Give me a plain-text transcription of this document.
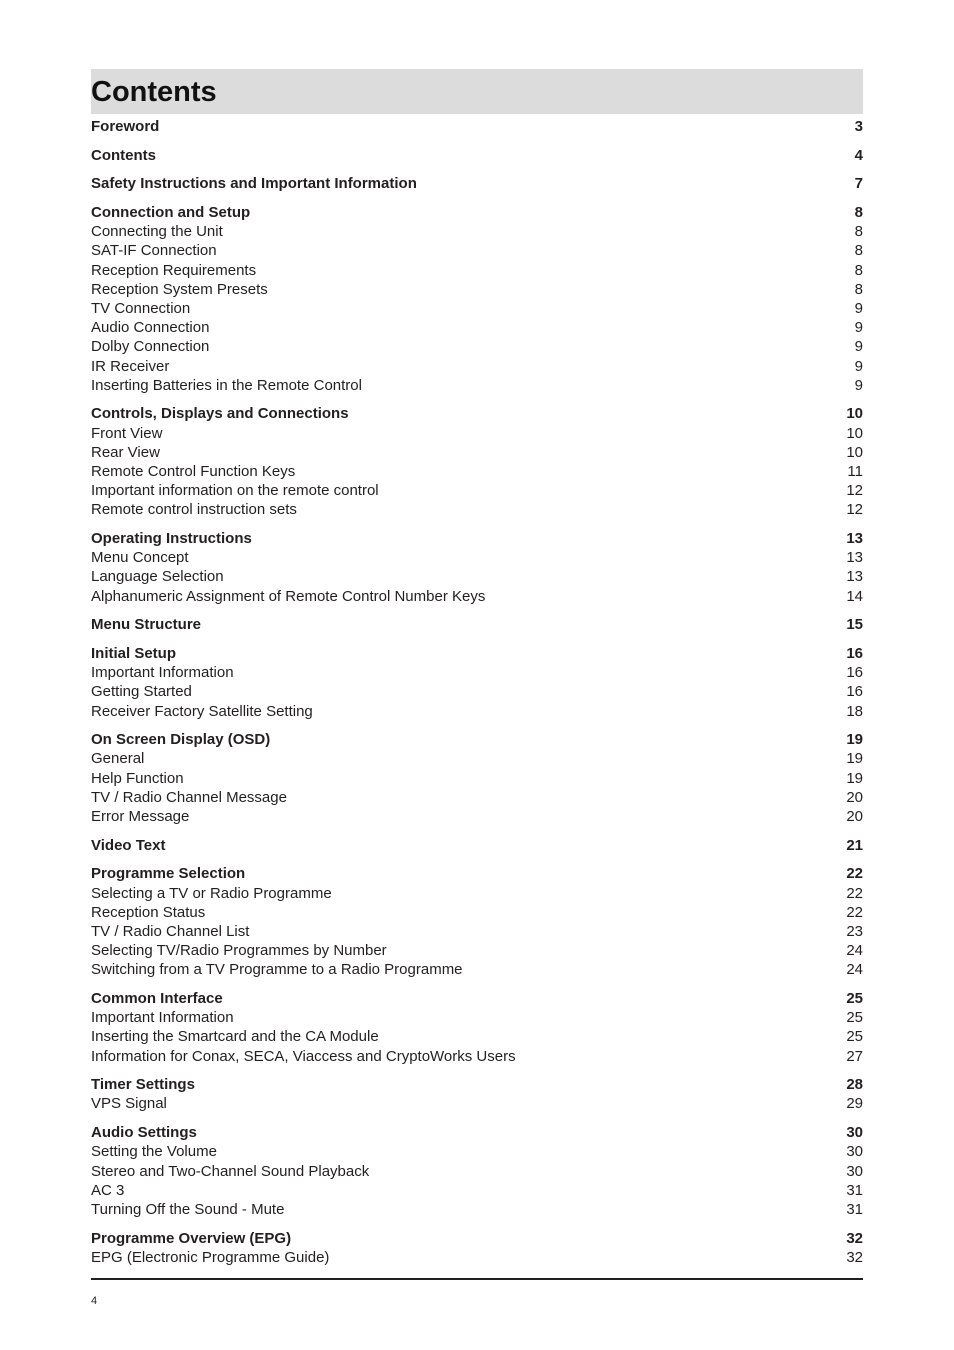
Contents
Foreword	3
Contents	4
Safety Instructions and Important Information	7
Connection and Setup	8
Connecting the Unit	8
SAT-IF Connection	8
Reception Requirements	8
Reception System Presets	8
TV Connection	9
Audio Connection	9
Dolby Connection	9
IR Receiver	9
Inserting Batteries in the Remote Control	9
Controls, Displays and Connections	10
Front View	10
Rear View	10
Remote Control Function Keys	11
Important information on the remote control	12
Remote control instruction sets	12
Operating Instructions	13
Menu Concept	13
Language Selection	13
Alphanumeric Assignment of Remote Control Number Keys	14
Menu Structure	15
Initial Setup	16
Important Information	16
Getting Started	16
Receiver Factory Satellite Setting	18
On Screen Display (OSD)	19
General	19
Help Function	19
TV / Radio Channel Message	20
Error Message	20
Video Text	21
Programme Selection	22
Selecting a TV or Radio Programme	22
Reception Status	22
TV / Radio Channel List	23
Selecting TV/Radio Programmes by Number	24
Switching from a TV Programme to a Radio Programme	24
Common Interface	25
Important Information	25
Inserting the Smartcard and the CA Module	25
Information for Conax, SECA, Viaccess and CryptoWorks Users	27
Timer Settings	28
VPS Signal	29
Audio Settings	30
Setting the Volume	30
Stereo and Two-Channel Sound Playback	30
AC 3	31
Turning Off the Sound - Mute	31
Programme Overview (EPG)	32
EPG (Electronic Programme Guide)	32
4
